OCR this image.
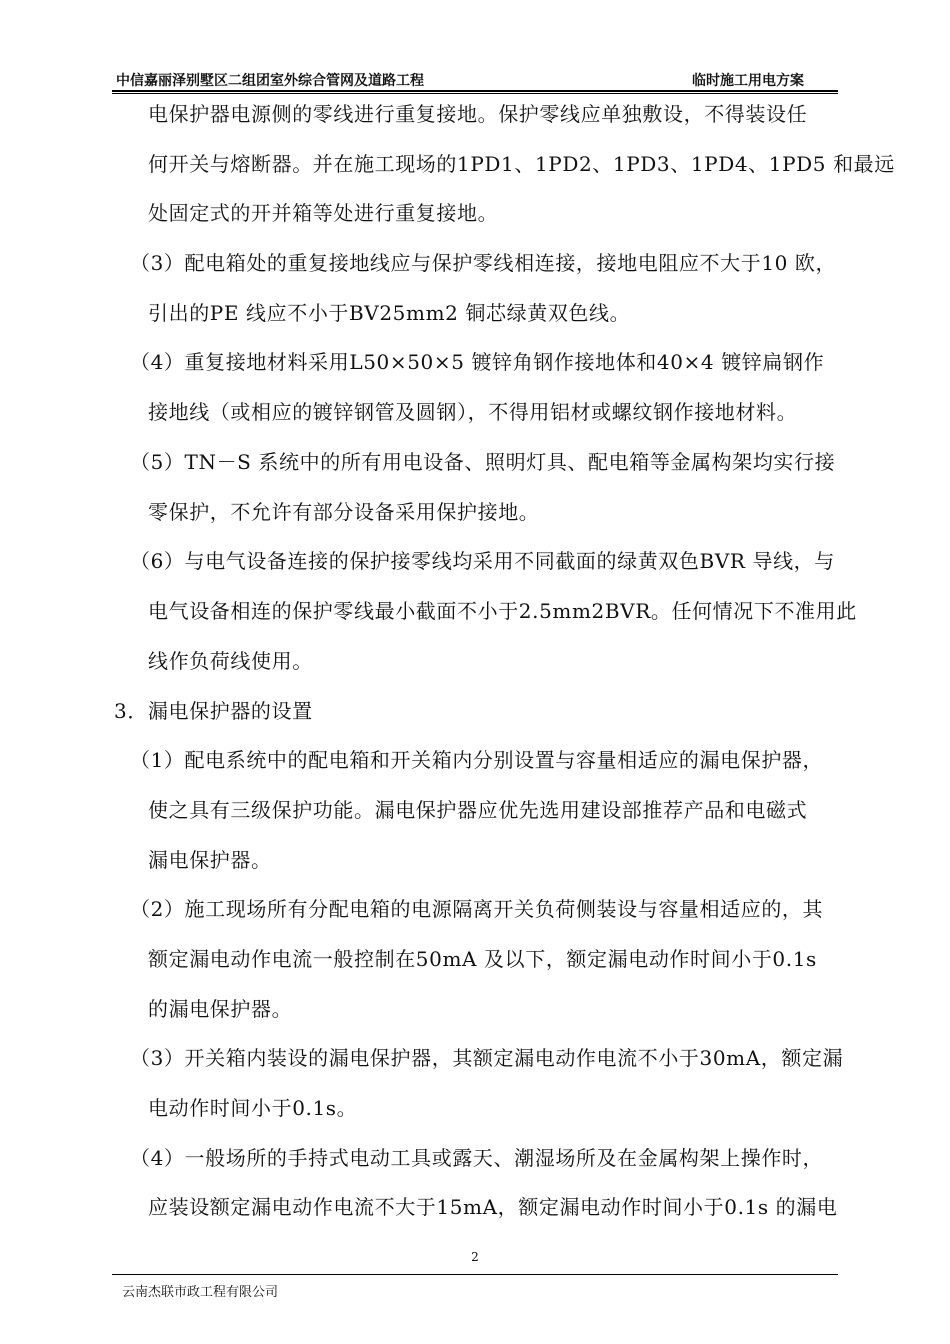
中信嘉丽泽别墅区二组团室外综合管网及道路工程	临时施工用电方案
电保护器电源侧的零线进行重复接地。保护零线应单独敷设，不得装设任
何开关与熔断器。并在施工现场的1PD1、1PD2、1PD3、1PD4、1PD5 和最远
处固定式的开并箱等处进行重复接地。
（3）配电箱处的重复接地线应与保护零线相连接，接地电阻应不大于10 欧，
引出的PE 线应不小于BV25mm2 铜芯绿黄双色线。
（4）重复接地材料采用L50×50×5 镀锌角钢作接地体和40×4 镀锌扁钢作
接地线（或相应的镀锌钢管及圆钢），不得用铝材或螺纹钢作接地材料。
（5）TN－S 系统中的所有用电设备、照明灯具、配电箱等金属构架均实行接
零保护，不允许有部分设备采用保护接地。
（6）与电气设备连接的保护接零线均采用不同截面的绿黄双色BVR 导线，与
电气设备相连的保护零线最小截面不小于2.5mm2BVR。任何情况下不准用此
线作负荷线使用。
3．漏电保护器的设置
（1）配电系统中的配电箱和开关箱内分别设置与容量相适应的漏电保护器，
使之具有三级保护功能。漏电保护器应优先选用建设部推荐产品和电磁式
漏电保护器。
（2）施工现场所有分配电箱的电源隔离开关负荷侧装设与容量相适应的，其
额定漏电动作电流一般控制在50mA 及以下，额定漏电动作时间小于0.1s
的漏电保护器。
（3）开关箱内装设的漏电保护器，其额定漏电动作电流不小于30mA，额定漏
电动作时间小于0.1s。
（4）一般场所的手持式电动工具或露天、潮湿场所及在金属构架上操作时，
应装设额定漏电动作电流不大于15mA，额定漏电动作时间小于0.1s 的漏电
2
云南杰联市政工程有限公司
